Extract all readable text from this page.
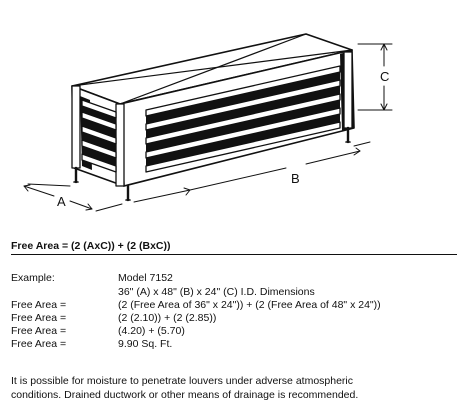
C
B
A
Free Area = (2 (AxC)) + (2 (BxC))
Example:	Model 7152
36" (A) x 48" (B) x 24" (C) I.D. Dimensions
Free Area =	(2 (Free Area of 36" x 24")) + (2 (Free Area of 48" x 24"))
Free Area =	(2 (2.10)) + (2 (2.85))
Free Area =	(4.20) + (5.70)
Free Area =	9.90 Sq. Ft.
It is possible for moisture to penetrate louvers under adverse atmospheric
conditions. Drained ductwork or other means of drainage is recommended.
